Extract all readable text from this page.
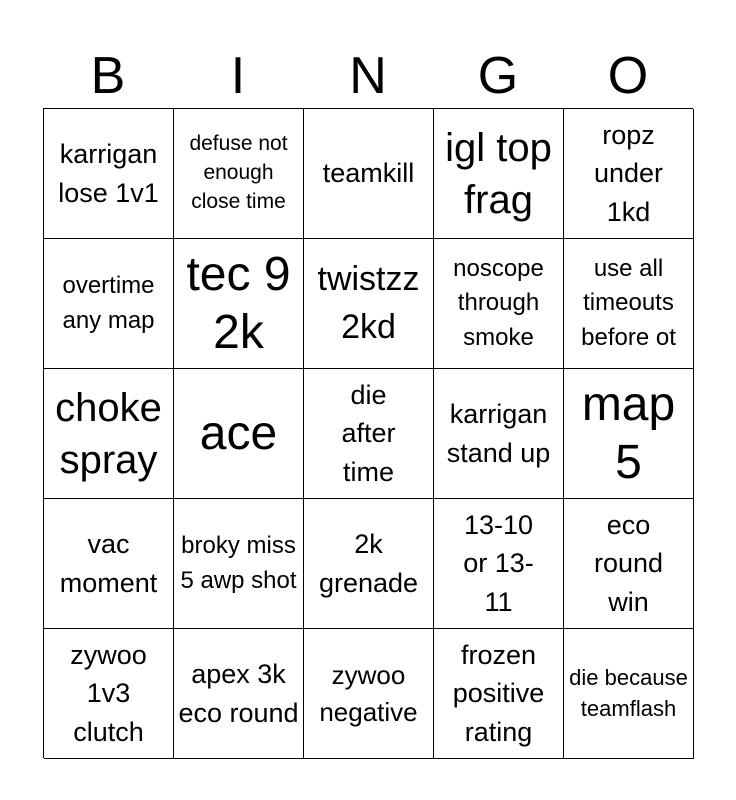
B	I	N	G	O
karrigan lose 1v1
defuse not enough close time
teamkill
igl top frag
ropz under 1kd
overtime any map
tec 9 2k
twistzz 2kd
noscope through smoke
use all timeouts before ot
choke spray ace
die after time
karrigan stand up
map 5
vac moment
broky miss 5 awp shot
2k grenade
13-10 or 13-11
eco round win
zywoo 1v3 clutch
apex 3k eco round
zywoo negative
frozen positive rating
die because teamflash
